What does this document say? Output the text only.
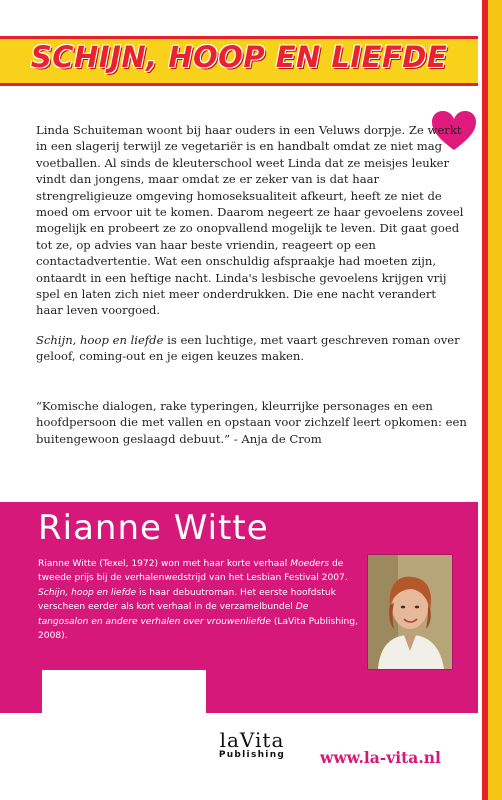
SCHIJN, HOOP EN LIEFDE

Linda Schuiteman woont bij haar ouders in een Veluws dorpje. Ze werkt in een slagerij terwijl ze vegetariër is en handbalt omdat ze niet mag voetballen. Al sinds de kleuterschool weet Linda dat ze meisjes leuker vindt dan jongens, maar omdat ze er zeker van is dat haar strengreligieuze omgeving homoseksualiteit afkeurt, heeft ze niet de moed om ervoor uit te komen. Daarom negeert ze haar gevoelens zoveel mogelijk en probeert ze zo onopvallend mogelijk te leven. Dit gaat goed tot ze, op advies van haar beste vriendin, reageert op een contactadvertentie. Wat een onschuldig afspraakje had moeten zijn, ontaardt in een heftige nacht. Linda's lesbische gevoelens krijgen vrij spel en laten zich niet meer onderdrukken. Die ene nacht verandert haar leven voorgoed.

Schijn, hoop en liefde is een luchtige, met vaart geschreven roman over geloof, coming-out en je eigen keuzes maken.

“Komische dialogen, rake typeringen, kleurrijke personages en een hoofdpersoon die met vallen en opstaan voor zichzelf leert opkomen: een buitengewoon geslaagd debuut.” - Anja de Crom

Rianne Witte

Rianne Witte (Texel, 1972) won met haar korte verhaal Moeders de tweede prijs bij de verhalenwedstrijd van het Lesbian Festival 2007. Schijn, hoop en liefde is haar debuutroman. Het eerste hoofdstuk verscheen eerder als kort verhaal in de verzamelbundel De tangosalon en andere verhalen over vrouwenliefde (LaVita Publishing, 2008).

laVita
Publishing	www.la-vita.nl
